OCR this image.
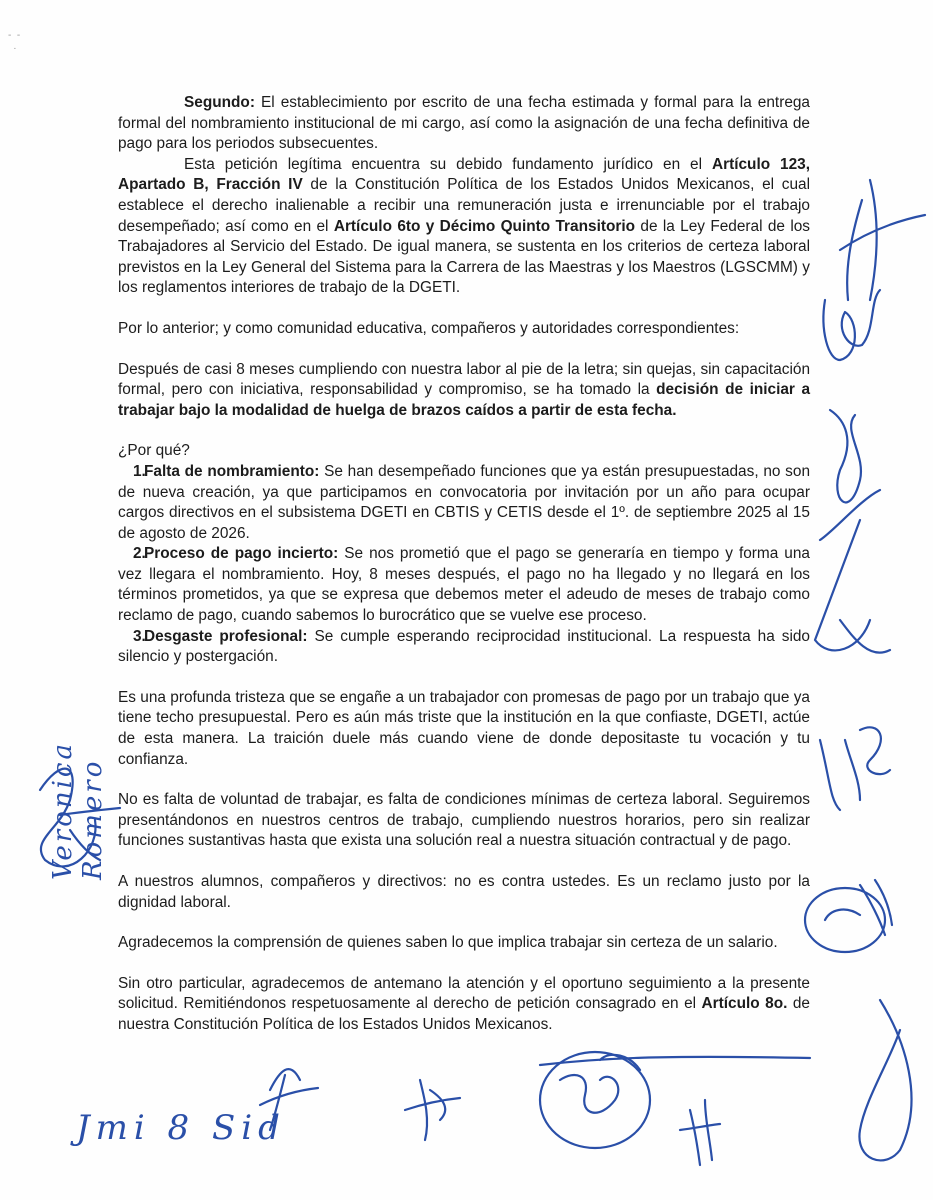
-  -
.

Segundo: El establecimiento por escrito de una fecha estimada y formal para la entrega formal del nombramiento institucional de mi cargo, así como la asignación de una fecha definitiva de pago para los periodos subsecuentes.

Esta petición legítima encuentra su debido fundamento jurídico en el Artículo 123, Apartado B, Fracción IV de la Constitución Política de los Estados Unidos Mexicanos, el cual establece el derecho inalienable a recibir una remuneración justa e irrenunciable por el trabajo desempeñado; así como en el Artículo 6to y Décimo Quinto Transitorio de la Ley Federal de los Trabajadores al Servicio del Estado. De igual manera, se sustenta en los criterios de certeza laboral previstos en la Ley General del Sistema para la Carrera de las Maestras y los Maestros (LGSCMM) y los reglamentos interiores de trabajo de la DGETI.

Por lo anterior; y como comunidad educativa, compañeros y autoridades correspondientes:

Después de casi 8 meses cumpliendo con nuestra labor al pie de la letra; sin quejas, sin capacitación formal, pero con iniciativa, responsabilidad y compromiso, se ha tomado la decisión de iniciar a trabajar bajo la modalidad de huelga de brazos caídos a partir de esta fecha.

¿Por qué?

1.Falta de nombramiento: Se han desempeñado funciones que ya están presupuestadas, no son de nueva creación, ya que participamos en convocatoria por invitación por un año para ocupar cargos directivos en el subsistema DGETI en CBTIS y CETIS desde el 1º. de septiembre 2025 al 15 de agosto de 2026.

2.Proceso de pago incierto: Se nos prometió que el pago se generaría en tiempo y forma una vez llegara el nombramiento. Hoy, 8 meses después, el pago no ha llegado y no llegará en los términos prometidos, ya que se expresa que debemos meter el adeudo de meses de trabajo como reclamo de pago, cuando sabemos lo burocrático que se vuelve ese proceso.

3.Desgaste profesional: Se cumple esperando reciprocidad institucional. La respuesta ha sido silencio y postergación.

Es una profunda tristeza que se engañe a un trabajador con promesas de pago por un trabajo que ya tiene techo presupuestal. Pero es aún más triste que la institución en la que confiaste, DGETI, actúe de esta manera. La traición duele más cuando viene de donde depositaste tu vocación y tu confianza.

No es falta de voluntad de trabajar, es falta de condiciones mínimas de certeza laboral. Seguiremos presentándonos en nuestros centros de trabajo, cumpliendo nuestros horarios, pero sin realizar funciones sustantivas hasta que exista una solución real a nuestra situación contractual y de pago.

A nuestros alumnos, compañeros y directivos: no es contra ustedes. Es un reclamo justo por la dignidad laboral.

Agradecemos la comprensión de quienes saben lo que implica trabajar sin certeza de un salario.

Sin otro particular, agradecemos de antemano la atención y el oportuno seguimiento a la presente solicitud. Remitiéndonos respetuosamente al derecho de petición consagrado en el Artículo 8o. de nuestra Constitución Política de los Estados Unidos Mexicanos.

Veronica Romero
Jmi 8 Sid
